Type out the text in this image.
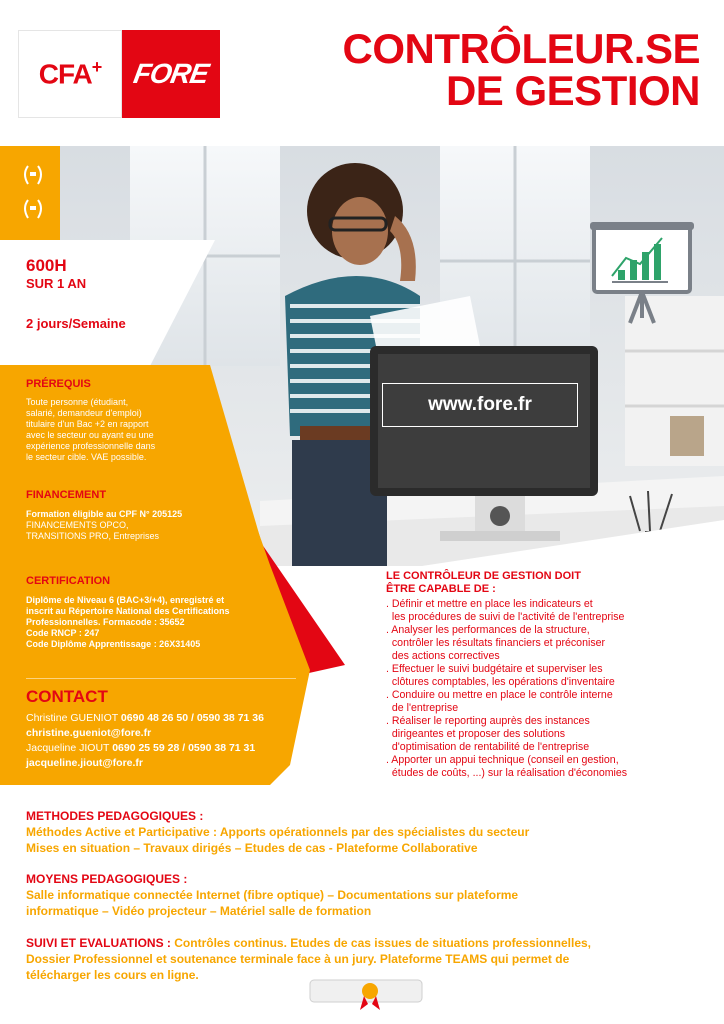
CFA+ FORE
CONTRÔLEUR.SE
DE GESTION
600H
SUR 1 AN
2 jours/Semaine
www.fore.fr
PRÉREQUIS
Toute personne (étudiant,
salarié, demandeur d'emploi)
titulaire d'un Bac +2 en rapport
avec le secteur ou ayant eu une
expérience professionnelle dans
le secteur cible. VAE possible.
FINANCEMENT
Formation éligible au CPF N° 205125
FINANCEMENTS OPCO,
TRANSITIONS PRO, Entreprises
CERTIFICATION
Diplôme de Niveau 6 (BAC+3/+4), enregistré et
inscrit au Répertoire National des Certifications
Professionnelles. Formacode : 35652
Code RNCP : 247
Code Diplôme Apprentissage : 26X31405
CONTACT
Christine GUENIOT 0690 48 26 50 / 0590 38 71 36
christine.gueniot@fore.fr
Jacqueline JIOUT 0690 25 59 28 / 0590 38 71 31
jacqueline.jiout@fore.fr
LE CONTRÔLEUR DE GESTION DOIT
ÊTRE CAPABLE DE :
. Définir et mettre en place les indicateurs et
les procédures de suivi de l'activité de l'entreprise
. Analyser les performances de la structure,
contrôler les résultats financiers et préconiser
des actions correctives
. Effectuer le suivi budgétaire et superviser les
clôtures comptables, les opérations d'inventaire
. Conduire ou mettre en place le contrôle interne
de l'entreprise
. Réaliser le reporting auprès des instances
dirigeantes et proposer des solutions
d'optimisation de rentabilité de l'entreprise
. Apporter un appui technique (conseil en gestion,
études de coûts, ...) sur la réalisation d'économies
METHODES PEDAGOGIQUES :
Méthodes Active et Participative : Apports opérationnels par des spécialistes du secteur
Mises en situation – Travaux dirigés – Etudes de cas - Plateforme Collaborative
MOYENS PEDAGOGIQUES :
Salle informatique connectée Internet (fibre optique) – Documentations sur plateforme
informatique – Vidéo projecteur – Matériel salle de formation
SUIVI ET EVALUATIONS : Contrôles continus. Etudes de cas issues de situations professionnelles,
Dossier Professionnel et soutenance terminale face à un jury. Plateforme TEAMS qui permet de
télécharger les cours en ligne.
